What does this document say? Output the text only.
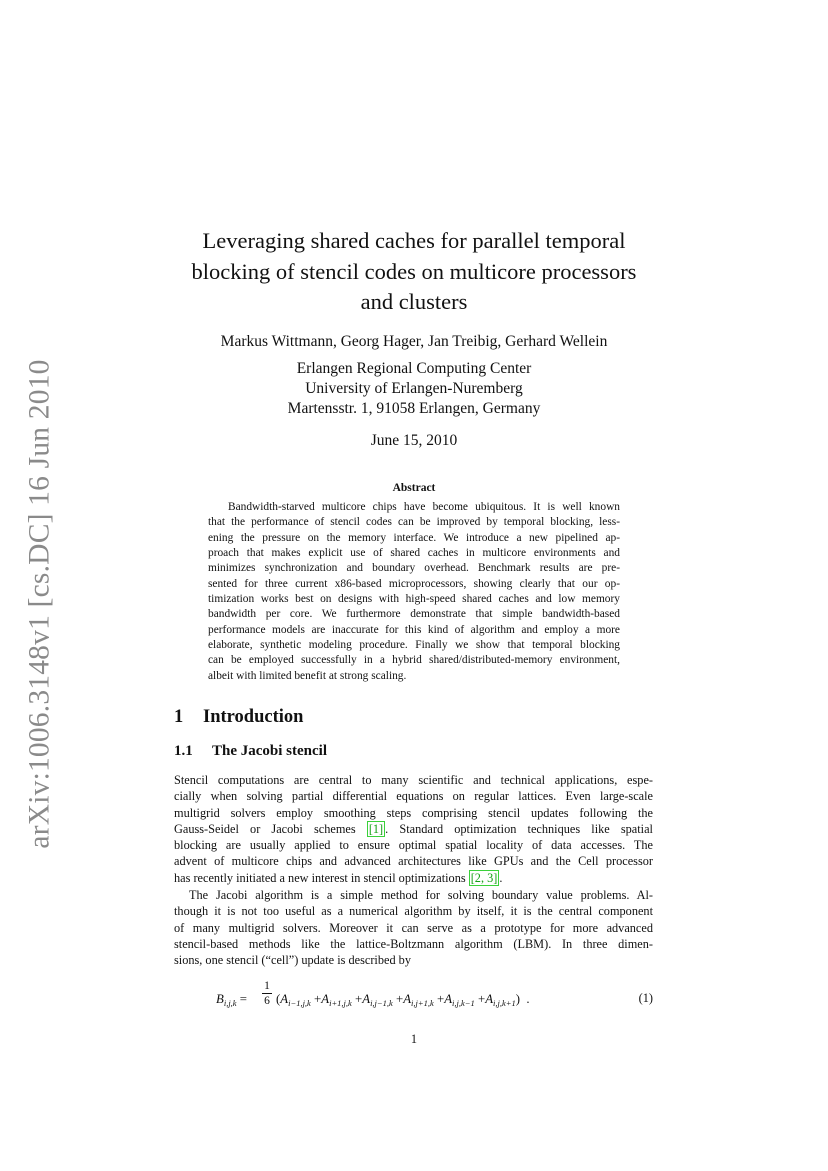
arXiv:1006.3148v1 [cs.DC] 16 Jun 2010
Leveraging shared caches for parallel temporal
blocking of stencil codes on multicore processors
and clusters
Markus Wittmann, Georg Hager, Jan Treibig, Gerhard Wellein
Erlangen Regional Computing Center
University of Erlangen-Nuremberg
Martensstr. 1, 91058 Erlangen, Germany
June 15, 2010
Abstract
Bandwidth-starved multicore chips have become ubiquitous. It is well known
that the performance of stencil codes can be improved by temporal blocking, less-
ening the pressure on the memory interface. We introduce a new pipelined ap-
proach that makes explicit use of shared caches in multicore environments and
minimizes synchronization and boundary overhead. Benchmark results are pre-
sented for three current x86-based microprocessors, showing clearly that our op-
timization works best on designs with high-speed shared caches and low memory
bandwidth per core. We furthermore demonstrate that simple bandwidth-based
performance models are inaccurate for this kind of algorithm and employ a more
elaborate, synthetic modeling procedure. Finally we show that temporal blocking
can be employed successfully in a hybrid shared/distributed-memory environment,
albeit with limited benefit at strong scaling.
1 Introduction
1.1 The Jacobi stencil
Stencil computations are central to many scientific and technical applications, espe-
cially when solving partial differential equations on regular lattices. Even large-scale
multigrid solvers employ smoothing steps comprising stencil updates following the
Gauss-Seidel or Jacobi schemes [1] . Standard optimization techniques like spatial
blocking are usually applied to ensure optimal spatial locality of data accesses. The
advent of multicore chips and advanced architectures like GPUs and the Cell processor
has recently initiated a new interest in stencil optimizations [2, 3] .
The Jacobi algorithm is a simple method for solving boundary value problems. Al-
though it is not too useful as a numerical algorithm by itself, it is the central component
of many multigrid solvers. Moreover it can serve as a prototype for more advanced
stencil-based methods like the lattice-Boltzmann algorithm (LBM). In three dimen-
sions, one stencil (“cell”) update is described by
$B_{i,j,k}$ =
1
6 $(A_{i-1,j,k} +A_{i+1,j,k} +A_{i,j-1,k} +A_{i,j+1,k} +A_{i,j,k-1} +A_{i,j,k+1})$  .	(1)
1
